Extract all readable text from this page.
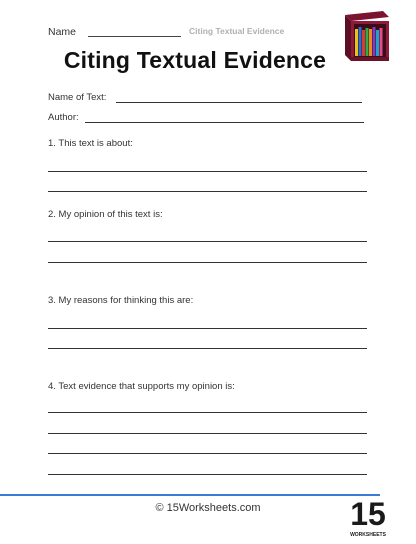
Name	Citing Textual Evidence
Citing Textual Evidence
Name of Text:
Author:
1. This text is about:
2. My opinion of this text is:
3. My reasons for thinking this are:
4. Text evidence that supports my opinion is:
© 15Worksheets.com	15
WORKSHEETS
